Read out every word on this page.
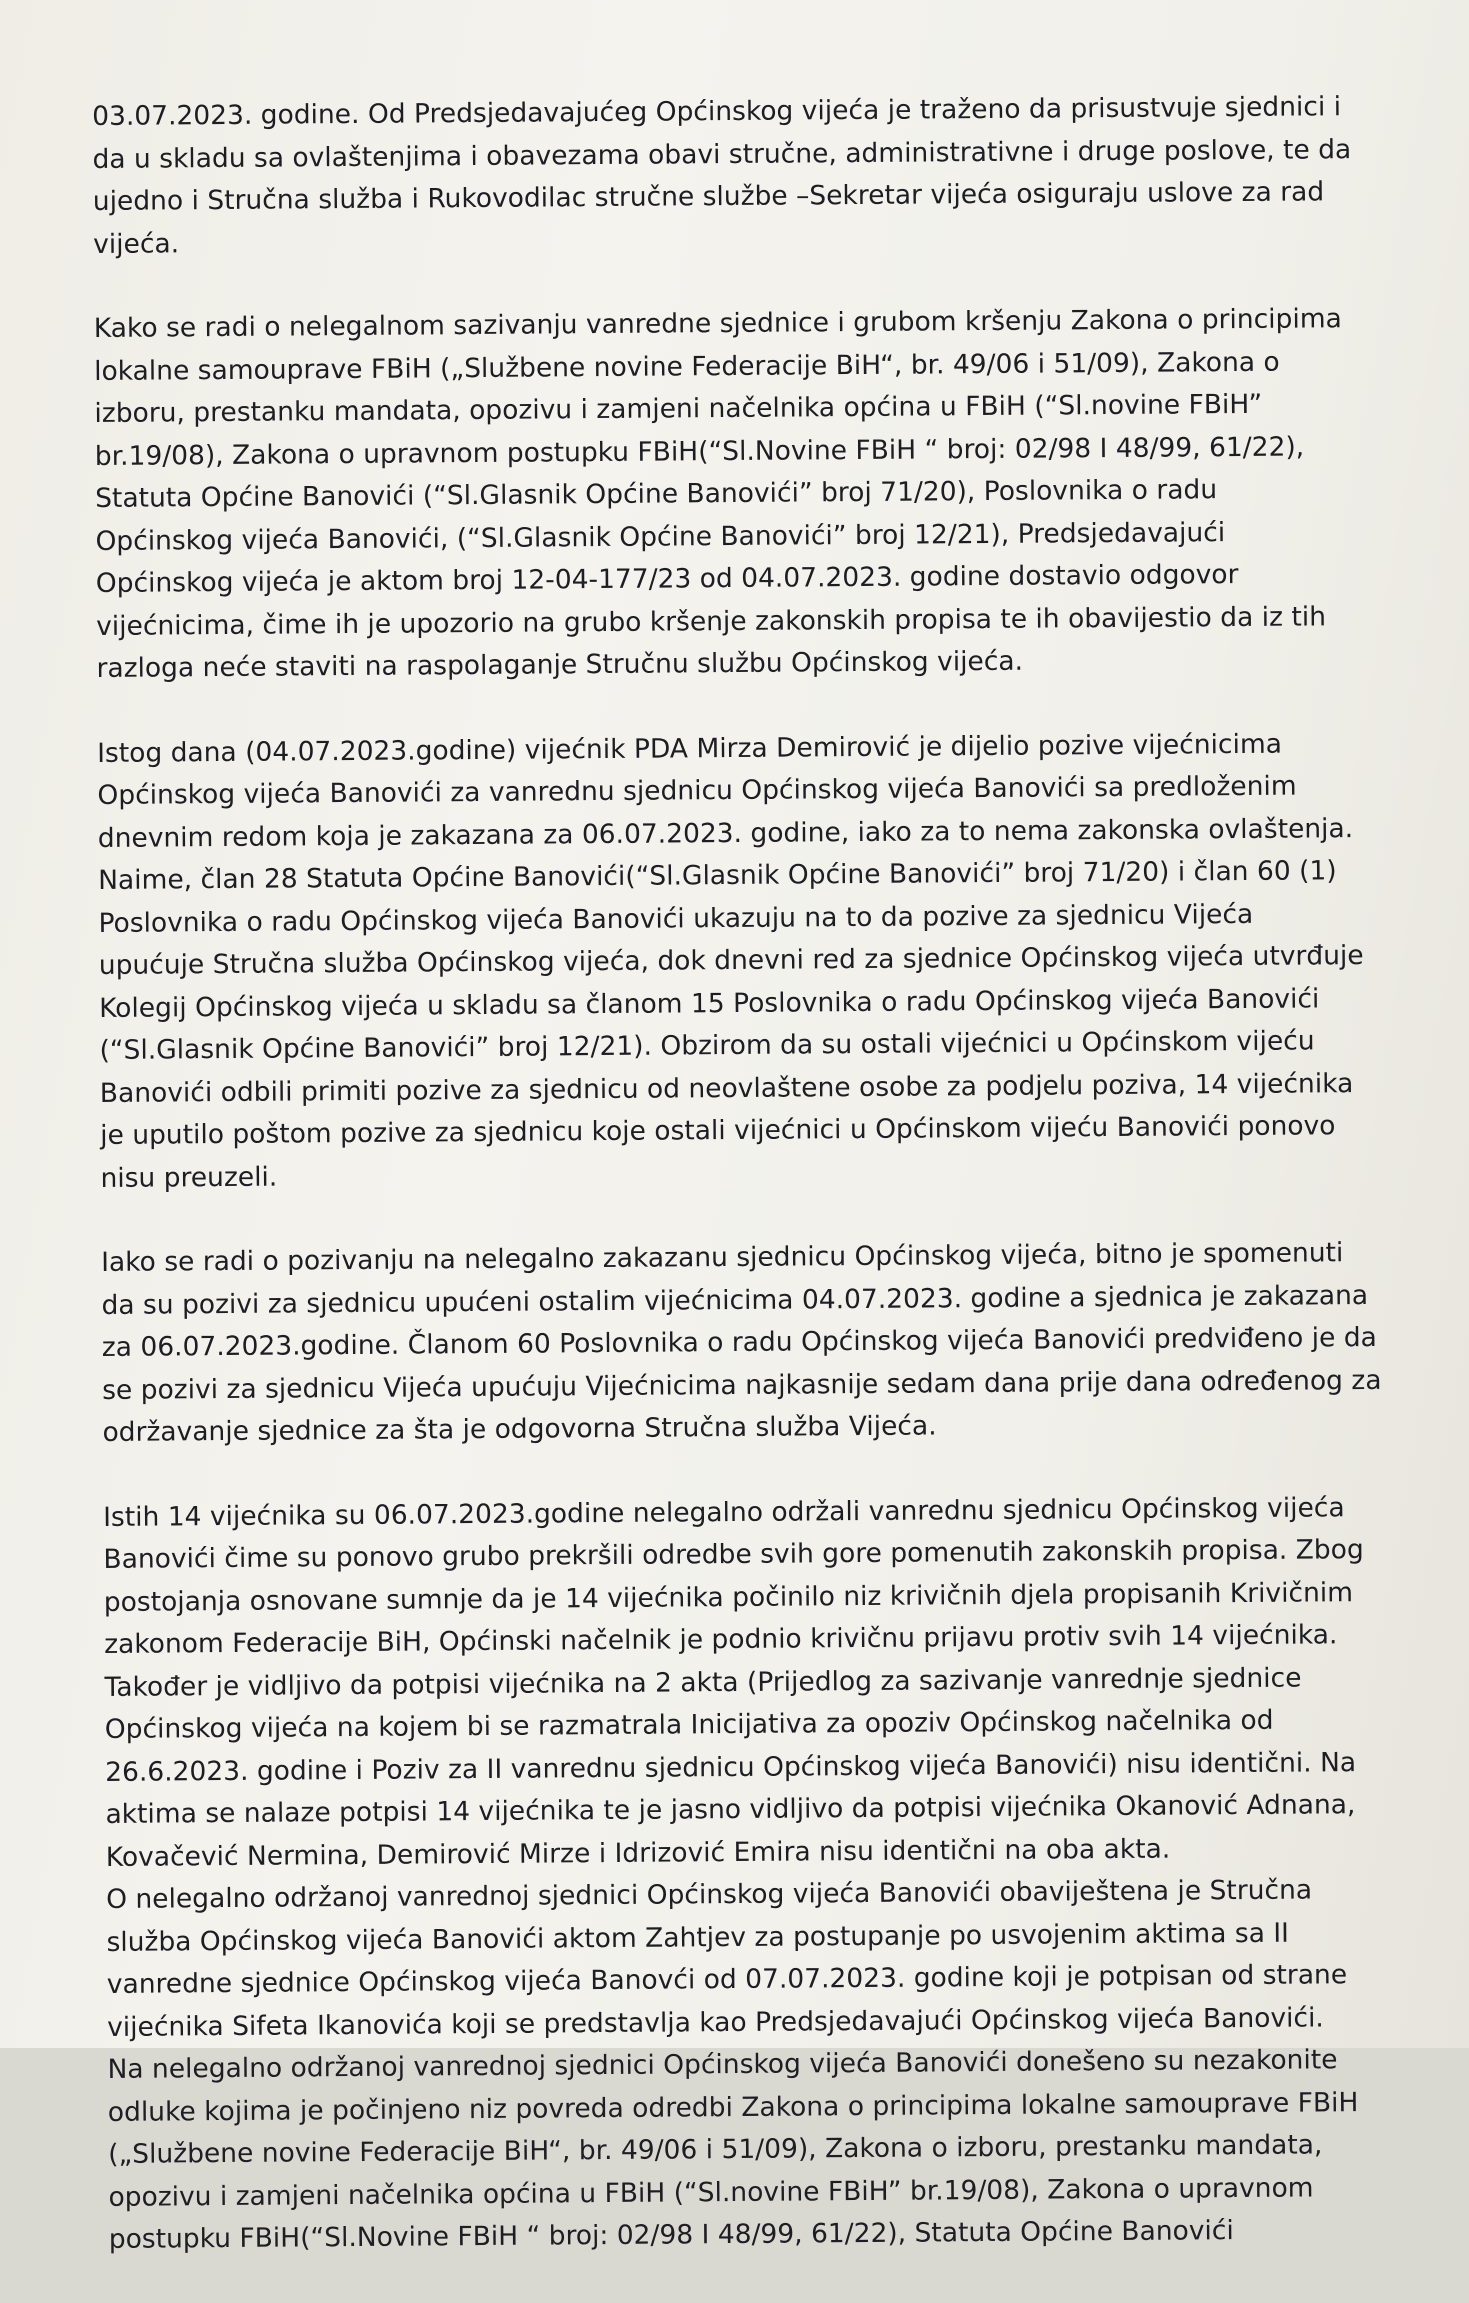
03.07.2023. godine. Od Predsjedavajućeg Općinskog vijeća je traženo da prisustvuje sjednici i
da u skladu sa ovlaštenjima i obavezama obavi stručne, administrativne i druge poslove, te da
ujedno i Stručna služba i Rukovodilac stručne službe –Sekretar vijeća osiguraju uslove za rad
vijeća.
Kako se radi o nelegalnom sazivanju vanredne sjednice i grubom kršenju Zakona o principima
lokalne samouprave FBiH („Službene novine Federacije BiH“, br. 49/06 i 51/09), Zakona o
izboru, prestanku mandata, opozivu i zamjeni načelnika općina u FBiH (“Sl.novine FBiH”
br.19/08), Zakona o upravnom postupku FBiH(“Sl.Novine FBiH “ broj: 02/98 I 48/99, 61/22),
Statuta Općine Banovići (“Sl.Glasnik Općine Banovići” broj 71/20), Poslovnika o radu
Općinskog vijeća Banovići, (“Sl.Glasnik Općine Banovići” broj 12/21), Predsjedavajući
Općinskog vijeća je aktom broj 12-04-177/23 od 04.07.2023. godine dostavio odgovor
vijećnicima, čime ih je upozorio na grubo kršenje zakonskih propisa te ih obavijestio da iz tih
razloga neće staviti na raspolaganje Stručnu službu Općinskog vijeća.
Istog dana (04.07.2023.godine) vijećnik PDA Mirza Demirović je dijelio pozive vijećnicima
Općinskog vijeća Banovići za vanrednu sjednicu Općinskog vijeća Banovići sa predloženim
dnevnim redom koja je zakazana za 06.07.2023. godine, iako za to nema zakonska ovlaštenja.
Naime, član 28 Statuta Općine Banovići(“Sl.Glasnik Općine Banovići” broj 71/20) i član 60 (1)
Poslovnika o radu Općinskog vijeća Banovići ukazuju na to da pozive za sjednicu Vijeća
upućuje Stručna služba Općinskog vijeća, dok dnevni red za sjednice Općinskog vijeća utvrđuje
Kolegij Općinskog vijeća u skladu sa članom 15 Poslovnika o radu Općinskog vijeća Banovići
(“Sl.Glasnik Općine Banovići” broj 12/21). Obzirom da su ostali vijećnici u Općinskom vijeću
Banovići odbili primiti pozive za sjednicu od neovlaštene osobe za podjelu poziva, 14 vijećnika
je uputilo poštom pozive za sjednicu koje ostali vijećnici u Općinskom vijeću Banovići ponovo
nisu preuzeli.
Iako se radi o pozivanju na nelegalno zakazanu sjednicu Općinskog vijeća, bitno je spomenuti
da su pozivi za sjednicu upućeni ostalim vijećnicima 04.07.2023. godine a sjednica je zakazana
za 06.07.2023.godine. Članom 60 Poslovnika o radu Općinskog vijeća Banovići predviđeno je da
se pozivi za sjednicu Vijeća upućuju Vijećnicima najkasnije sedam dana prije dana određenog za
održavanje sjednice za šta je odgovorna Stručna služba Vijeća.
Istih 14 vijećnika su 06.07.2023.godine nelegalno održali vanrednu sjednicu Općinskog vijeća
Banovići čime su ponovo grubo prekršili odredbe svih gore pomenutih zakonskih propisa. Zbog
postojanja osnovane sumnje da je 14 vijećnika počinilo niz krivičnih djela propisanih Krivičnim
zakonom Federacije BiH, Općinski načelnik je podnio krivičnu prijavu protiv svih 14 vijećnika.
Također je vidljivo da potpisi vijećnika na 2 akta (Prijedlog za sazivanje vanrednje sjednice
Općinskog vijeća na kojem bi se razmatrala Inicijativa za opoziv Općinskog načelnika od
26.6.2023. godine i Poziv za II vanrednu sjednicu Općinskog vijeća Banovići) nisu identični. Na
aktima se nalaze potpisi 14 vijećnika te je jasno vidljivo da potpisi vijećnika Okanović Adnana,
Kovačević Nermina, Demirović Mirze i Idrizović Emira nisu identični na oba akta.
O nelegalno održanoj vanrednoj sjednici Općinskog vijeća Banovići obaviještena je Stručna
služba Općinskog vijeća Banovići aktom Zahtjev za postupanje po usvojenim aktima sa II
vanredne sjednice Općinskog vijeća Banovći od 07.07.2023. godine koji je potpisan od strane
vijećnika Sifeta Ikanovića koji se predstavlja kao Predsjedavajući Općinskog vijeća Banovići.
Na nelegalno održanoj vanrednoj sjednici Općinskog vijeća Banovići donešeno su nezakonite
odluke kojima je počinjeno niz povreda odredbi Zakona o principima lokalne samouprave FBiH
(„Službene novine Federacije BiH“, br. 49/06 i 51/09), Zakona o izboru, prestanku mandata,
opozivu i zamjeni načelnika općina u FBiH (“Sl.novine FBiH” br.19/08), Zakona o upravnom
postupku FBiH(“Sl.Novine FBiH “ broj: 02/98 I 48/99, 61/22), Statuta Općine Banovići
